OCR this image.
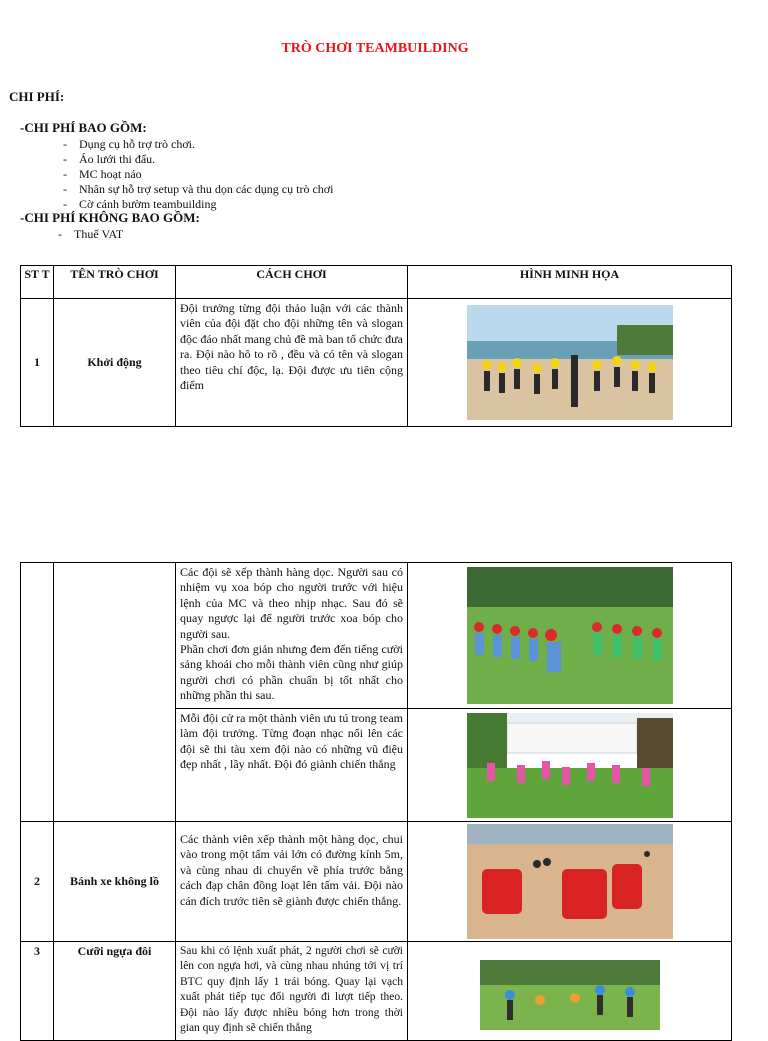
TRÒ CHƠI TEAMBUILDING
CHI PHÍ:
-CHI PHÍ BAO GỒM:
- Dụng cụ hỗ trợ trò chơi.
- Áo lưới thi đấu.
- MC hoạt náo
- Nhân sự hỗ trợ setup và thu dọn các dụng cụ trò chơi
- Cờ cánh bườm teambuilding
-CHI PHÍ KHÔNG BAO GỒM:
- Thuế VAT
ST T	TÊN TRÒ CHƠI	CÁCH CHƠI	HÌNH MINH HỌA
1	Khởi động	Đội trưởng từng đội thảo luận với các thành viên của đội đặt cho đội những tên và slogan độc đáo nhất mang chủ đề mà ban tổ chức đưa ra. Đội nào hô to rõ , đều và có tên và slogan theo tiêu chí độc, lạ. Đội được ưu tiên cộng điểm	
		Các đội sẽ xếp thành hàng dọc. Người sau có nhiệm vụ xoa bóp cho người trước với hiệu lệnh của MC và theo nhịp nhạc. Sau đó sẽ quay ngược lại để người trước xoa bóp cho người sau.
Phần chơi đơn giản nhưng đem đến tiếng cười sảng khoái cho mỗi thành viên cũng như giúp người chơi có phần chuẩn bị tốt nhất cho những phần thi sau.	

		Mỗi đội cử ra một thành viên ưu tú trong team làm đội trưởng. Từng đoạn nhạc nổi lên các đội sẽ thi tàu xem đội nào có những vũ điệu đẹp nhất , lầy nhất. Đội đó giành chiến thắng	

2	Bánh xe không lồ	Các thành viên xếp thành một hàng dọc, chui vào trong một tấm vải lớn có đường kính 5m, và cùng nhau di chuyển về phía trước bằng cách đạp chân đồng loạt lên tấm vải. Đội nào cán đích trước tiên sẽ giành được chiến thắng.	

3	Cưỡi ngựa đôi	Sau khi có lệnh xuất phát, 2 người chơi sẽ cưỡi lên con ngựa hơi, và cùng nhau nhúng tới vị trí BTC quy định lấy 1 trái bóng. Quay lại vạch xuất phát tiếp tục đổi người đi lượt tiếp theo. Đội nào lấy được nhiều bóng hơn trong thời gian quy định sẽ chiến thắng	
